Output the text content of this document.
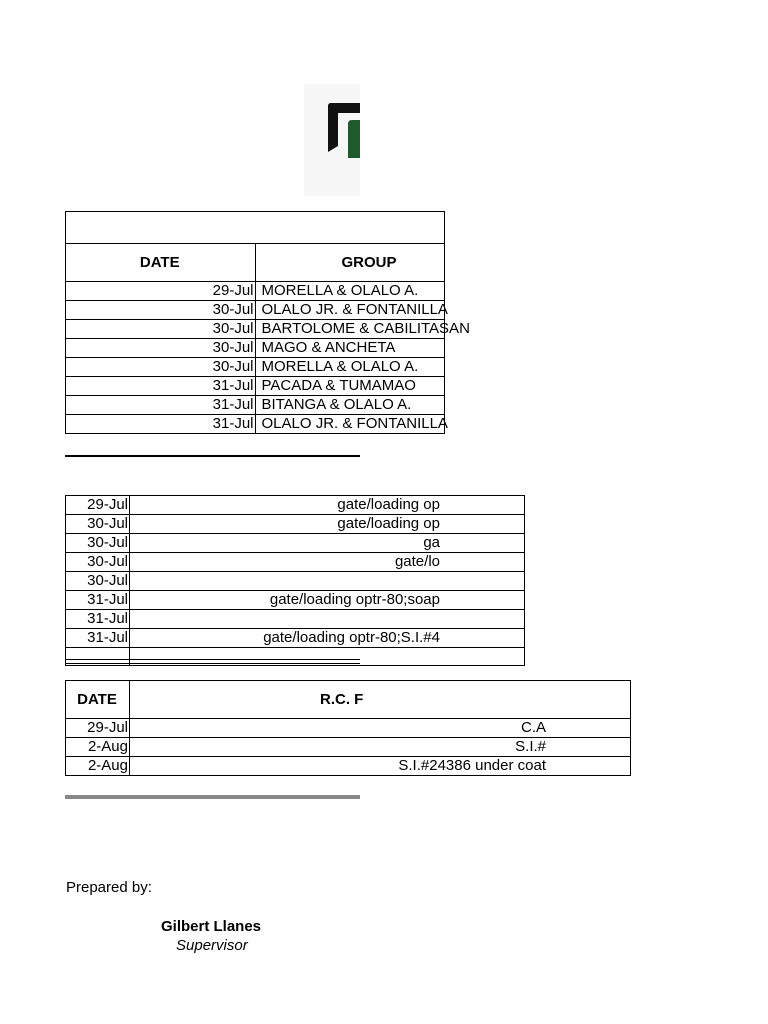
DATE	GROUP
29-Jul	MORELLA & OLALO A.
30-Jul	OLALO JR. & FONTANILLA
30-Jul	BARTOLOME & CABILITASAN
30-Jul	MAGO & ANCHETA
30-Jul	MORELLA & OLALO A.
31-Jul	PACADA & TUMAMAO
31-Jul	BITANGA & OLALO A.
31-Jul	OLALO JR. & FONTANILLA
29-Jul	gate/loading op
30-Jul	gate/loading op
30-Jul	ga
30-Jul	gate/lo
30-Jul	
31-Jul	gate/loading optr-80;soap
31-Jul	
31-Jul	gate/loading optr-80;S.I.#4

DATE	R.C. F
29-Jul	C.A
2-Aug	S.I.#
2-Aug	S.I.#24386 under coat
Prepared by:
Gilbert Llanes
Supervisor
